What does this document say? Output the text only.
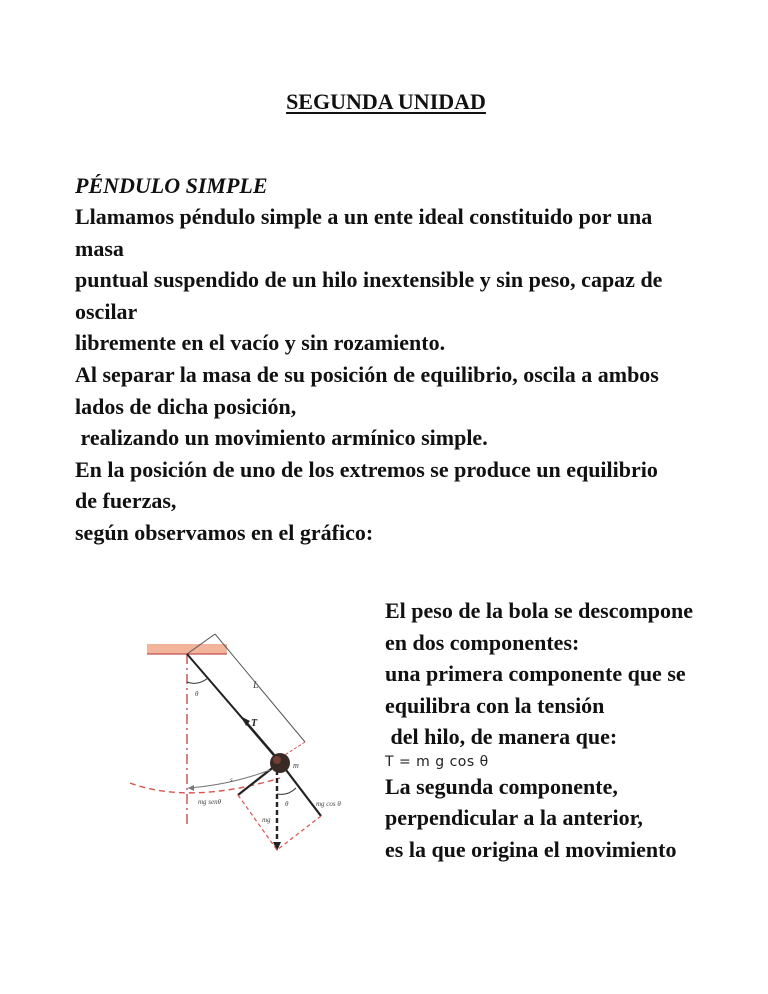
SEGUNDA UNIDAD
PÉNDULO SIMPLE
Llamamos péndulo simple a un ente ideal constituido por una
masa
puntual suspendido de un hilo inextensible y sin peso, capaz de
oscilar
libremente en el vacío y sin rozamiento.
Al separar la masa de su posición de equilibrio, oscila a ambos
lados de dicha posición,
realizando un movimiento armínico simple.
En la posición de uno de los extremos se produce un equilibrio
de fuerzas,
según observamos en el gráfico:
L
T
m
θ
θ
s
mg senθ	mg cos θ
mg
El peso de la bola se descompone
en dos componentes:
una primera componente que se
equilibra con la tensión
del hilo, de manera que:
T = m g cos θ
La segunda componente,
perpendicular a la anterior,
es la que origina el movimiento
